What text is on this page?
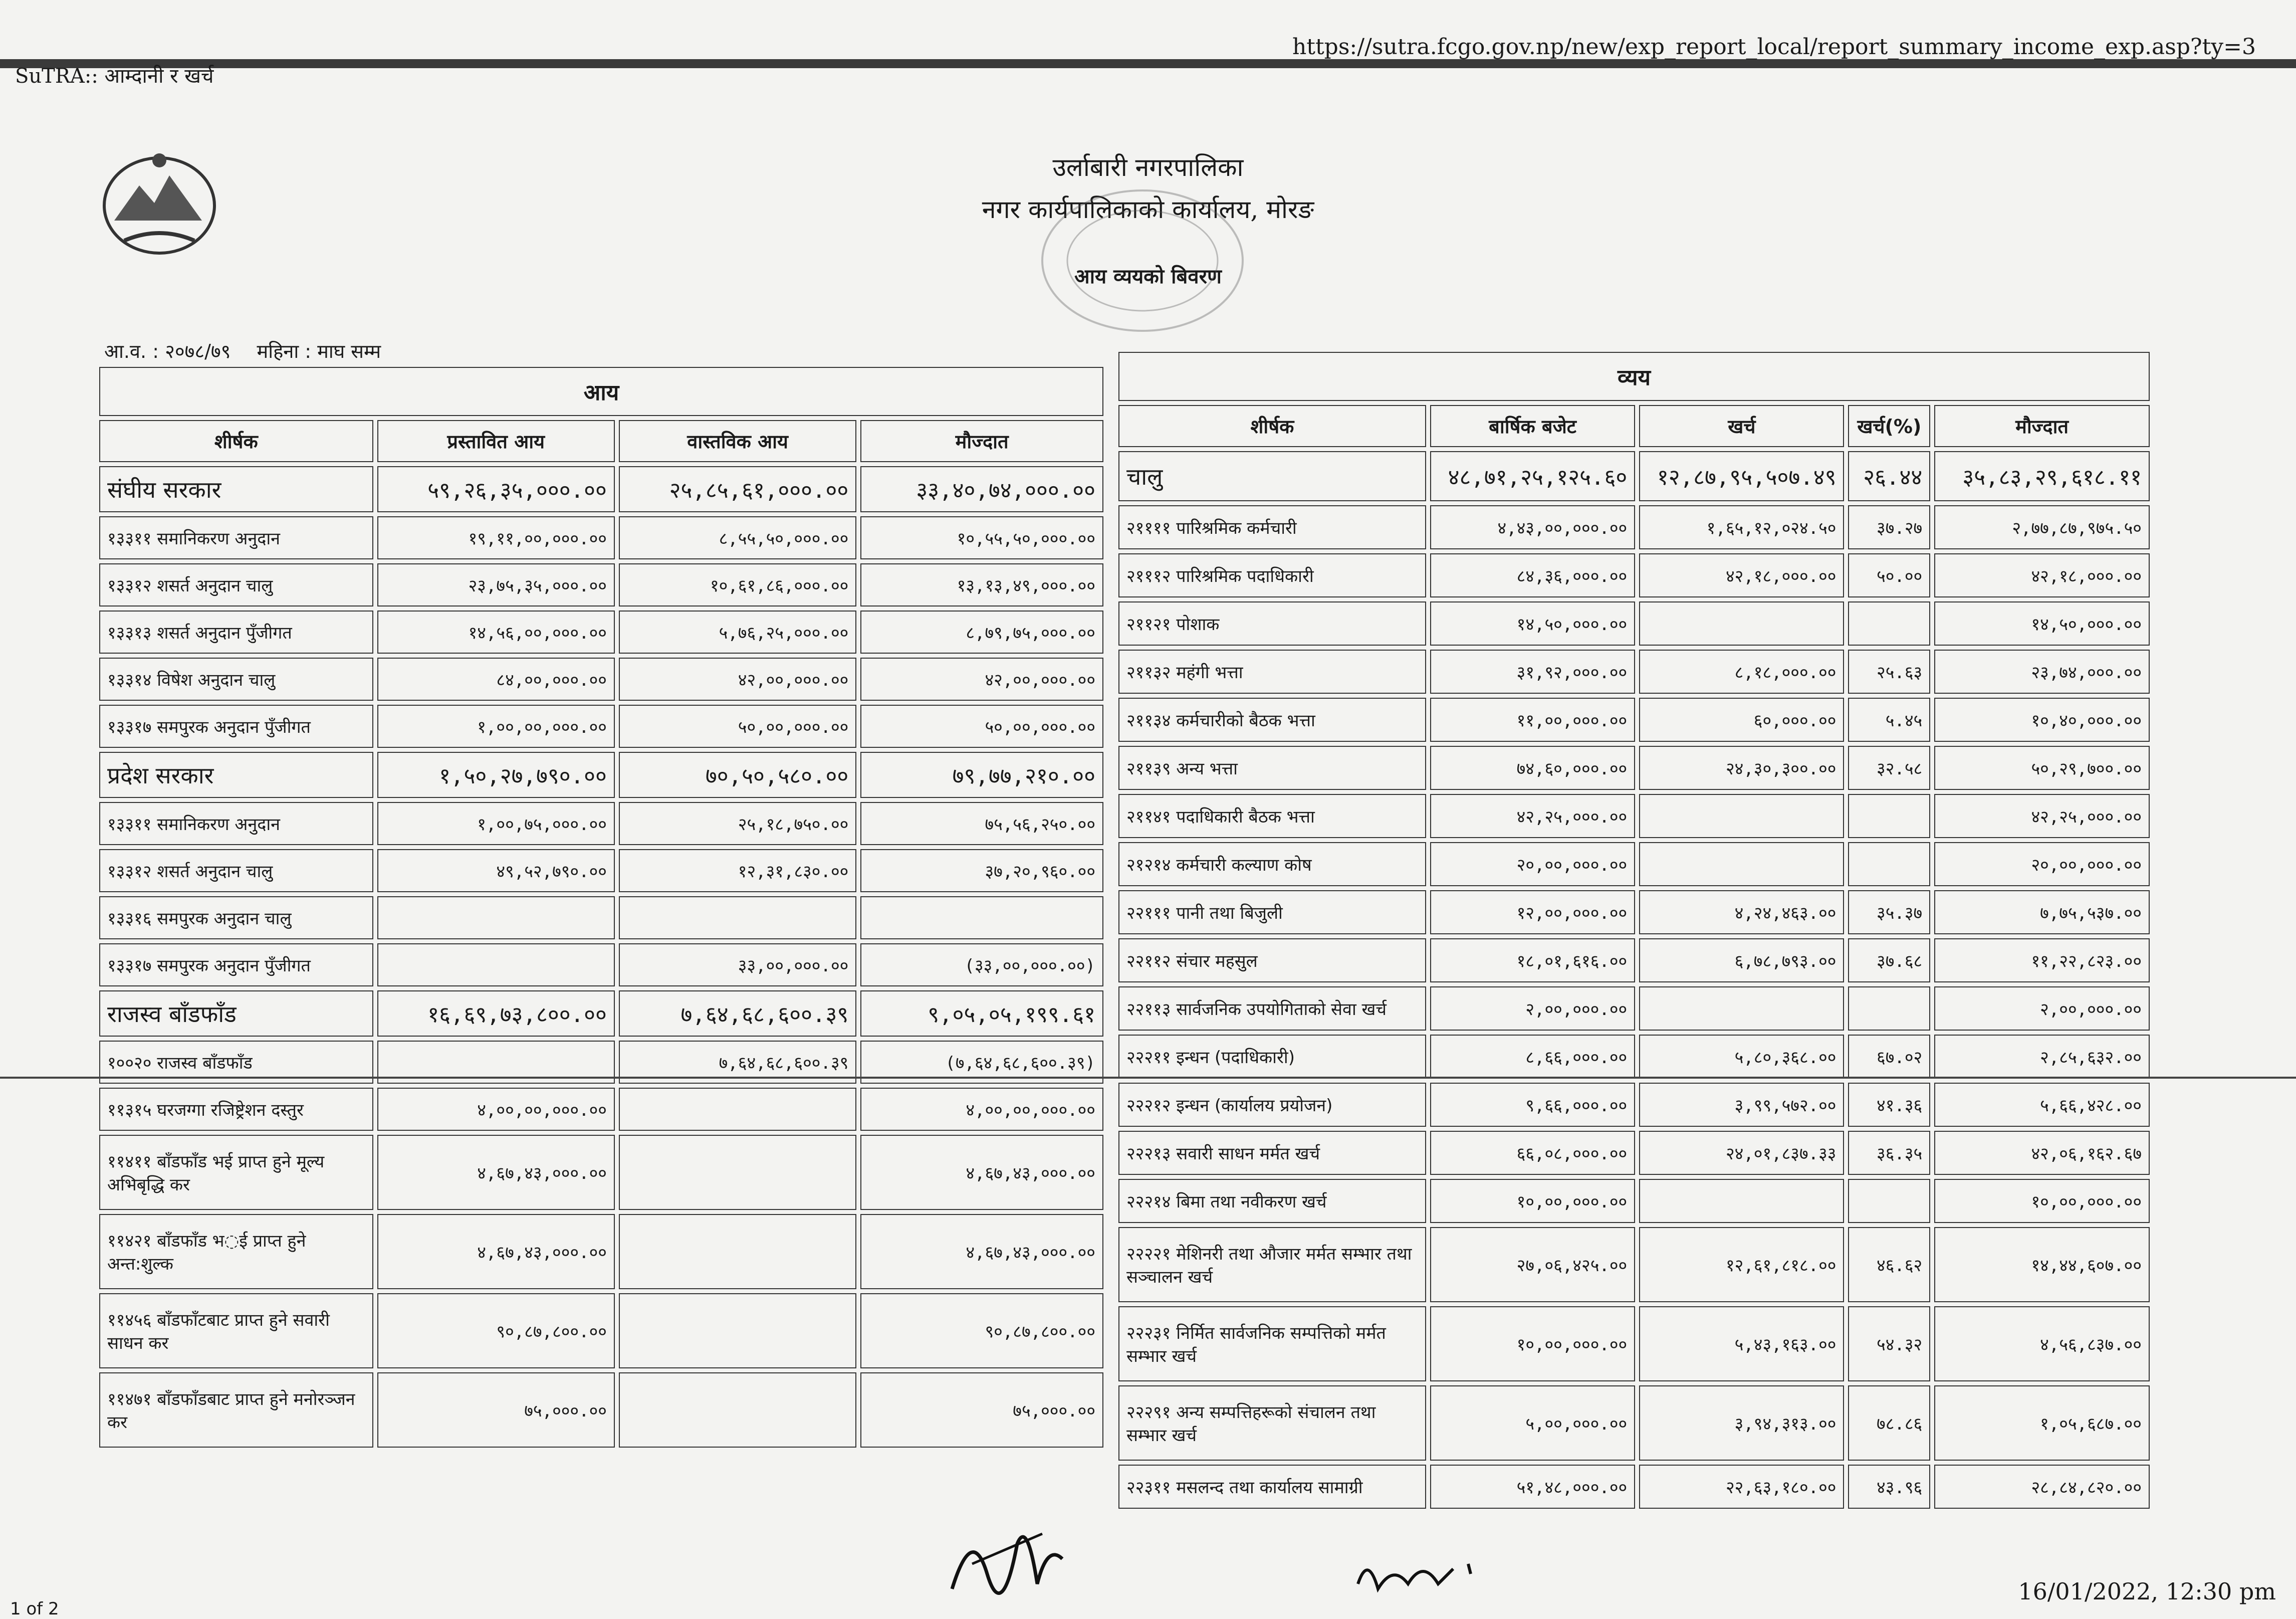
SuTRA:: आम्दानी र खर्च
https://sutra.fcgo.gov.np/new/exp_report_local/report_summary_income_exp.asp?ty=3
उर्लाबारी नगरपालिका
नगर कार्यपालिकाको कार्यालय, मोरङ
आय व्ययको बिवरण
आ.व. : २०७८/७९ महिना : माघ सम्म
आय			
शीर्षक	प्रस्तावित आय	वास्तविक आय	मौज्दात
संघीय सरकार	५९,२६,३५,०००.००	२५,८५,६१,०००.००	३३,४०,७४,०००.००
१३३११ समानिकरण अनुदान	१९,११,००,०००.००	८,५५,५०,०००.००	१०,५५,५०,०००.००
१३३१२ शसर्त अनुदान चालु	२३,७५,३५,०००.००	१०,६१,८६,०००.००	१३,१३,४९,०००.००
१३३१३ शसर्त अनुदान पुँजीगत	१४,५६,००,०००.००	५,७६,२५,०००.००	८,७९,७५,०००.००
१३३१४ विषेश अनुदान चालु	८४,००,०००.००	४२,००,०००.००	४२,००,०००.००
१३३१७ समपुरक अनुदान पुँजीगत	१,००,००,०००.००	५०,००,०००.००	५०,००,०००.००
प्रदेश सरकार	१,५०,२७,७९०.००	७०,५०,५८०.००	७९,७७,२१०.००
१३३११ समानिकरण अनुदान	१,००,७५,०००.००	२५,१८,७५०.००	७५,५६,२५०.००
१३३१२ शसर्त अनुदान चालु	४९,५२,७९०.००	१२,३१,८३०.००	३७,२०,९६०.००
१३३१६ समपुरक अनुदान चालु			
१३३१७ समपुरक अनुदान पुँजीगत		३३,००,०००.००	(३३,००,०००.००)
राजस्व बाँडफाँड	१६,६९,७३,८००.००	७,६४,६८,६००.३९	९,०५,०५,१९९.६१
१००२० राजस्व बाँडफाँड		७,६४,६८,६००.३९	(७,६४,६८,६००.३९)
११३१५ घरजग्गा रजिष्ट्रेशन दस्तुर	४,००,००,०००.००		४,००,००,०००.००
११४११ बाँडफाँड भई प्राप्त हुने मूल्य अभिबृद्धि कर	४,६७,४३,०००.००		४,६७,४३,०००.००
११४२१ बाँडफाँड भ◌ई प्राप्त हुने अन्त:शुल्क	४,६७,४३,०००.००		४,६७,४३,०००.००
११४५६ बाँडफाँटबाट प्राप्त हुने सवारी साधन कर	९०,८७,८००.००		९०,८७,८००.००
११४७१ बाँडफाँडबाट प्राप्त हुने मनोरञ्जन कर	७५,०००.००		७५,०००.००
व्यय				
शीर्षक	बार्षिक बजेट	खर्च	खर्च(%)	मौज्दात
चालु	४८,७१,२५,१२५.६०	१२,८७,९५,५०७.४९	२६.४४	३५,८३,२९,६१८.११
२११११ पारिश्रमिक कर्मचारी	४,४३,००,०००.००	१,६५,१२,०२४.५०	३७.२७	२,७७,८७,९७५.५०
२१११२ पारिश्रमिक पदाधिकारी	८४,३६,०००.००	४२,१८,०००.००	५०.००	४२,१८,०००.००
२११२१ पोशाक	१४,५०,०००.००			१४,५०,०००.००
२११३२ महंगी भत्ता	३१,९२,०००.००	८,१८,०००.००	२५.६३	२३,७४,०००.००
२११३४ कर्मचारीको बैठक भत्ता	११,००,०००.००	६०,०००.००	५.४५	१०,४०,०००.००
२११३९ अन्य भत्ता	७४,६०,०००.००	२४,३०,३००.००	३२.५८	५०,२९,७००.००
२११४१ पदाधिकारी बैठक भत्ता	४२,२५,०००.००			४२,२५,०००.००
२१२१४ कर्मचारी कल्याण कोष	२०,००,०००.००			२०,००,०००.००
२२१११ पानी तथा बिजुली	१२,००,०००.००	४,२४,४६३.००	३५.३७	७,७५,५३७.००
२२११२ संचार महसुल	१८,०१,६१६.००	६,७८,७९३.००	३७.६८	११,२२,८२३.००
२२११३ सार्वजनिक उपयोगिताको सेवा खर्च	२,००,०००.००			२,००,०००.००
२२२११ इन्धन (पदाधिकारी)	८,६६,०००.००	५,८०,३६८.००	६७.०२	२,८५,६३२.००
२२२१२ इन्धन (कार्यालय प्रयोजन)	९,६६,०००.००	३,९९,५७२.००	४१.३६	५,६६,४२८.००
२२२१३ सवारी साधन मर्मत खर्च	६६,०८,०००.००	२४,०१,८३७.३३	३६.३५	४२,०६,१६२.६७
२२२१४ बिमा तथा नवीकरण खर्च	१०,००,०००.००			१०,००,०००.००
२२२२१ मेशिनरी तथा औजार मर्मत सम्भार तथा सञ्चालन खर्च	२७,०६,४२५.००	१२,६१,८१८.००	४६.६२	१४,४४,६०७.००
२२२३१ निर्मित सार्वजनिक सम्पत्तिको मर्मत सम्भार खर्च	१०,००,०००.००	५,४३,१६३.००	५४.३२	४,५६,८३७.००
२२२९१ अन्य सम्पत्तिहरूको संचालन तथा सम्भार खर्च	५,००,०००.००	३,९४,३१३.००	७८.८६	१,०५,६८७.००
२२३११ मसलन्द तथा कार्यालय सामाग्री	५१,४८,०००.००	२२,६३,१८०.००	४३.९६	२८,८४,८२०.००
16/01/2022, 12:30 pm
1 of 2
